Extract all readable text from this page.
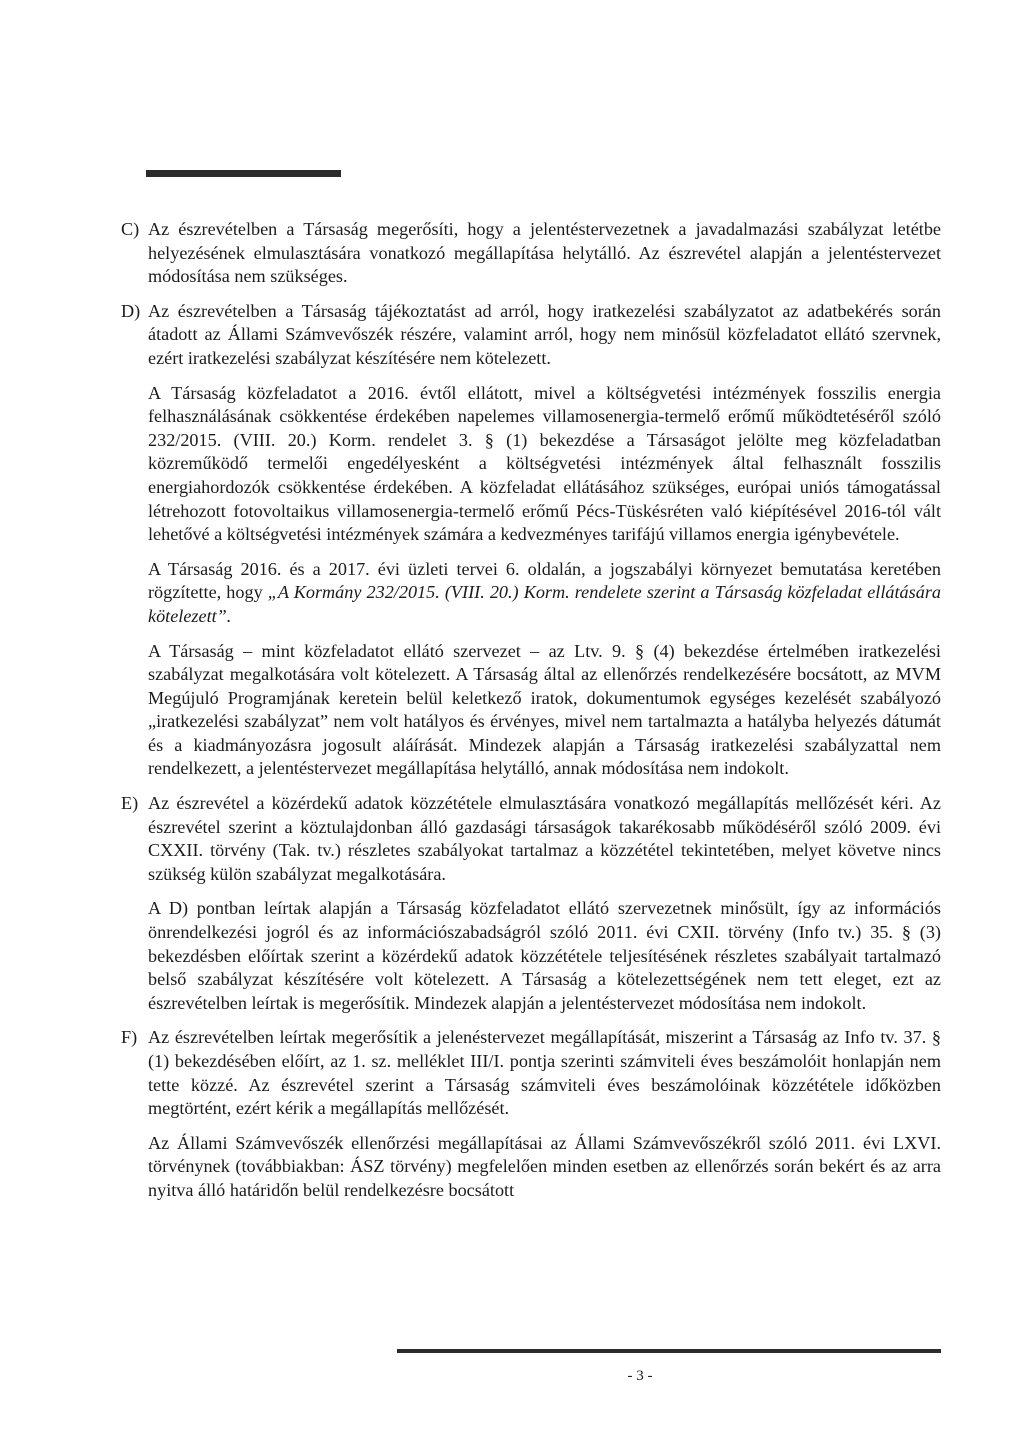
C) Az észrevételben a Társaság megerősíti, hogy a jelentéstervezetnek a javadalmazási szabályzat letétbe helyezésének elmulasztására vonatkozó megállapítása helytálló. Az észrevétel alapján a jelentéstervezet módosítása nem szükséges.

D) Az észrevételben a Társaság tájékoztatást ad arról, hogy iratkezelési szabályzatot az adatbekérés során átadott az Állami Számvevőszék részére, valamint arról, hogy nem minősül közfeladatot ellátó szervnek, ezért iratkezelési szabályzat készítésére nem kötelezett.

A Társaság közfeladatot a 2016. évtől ellátott, mivel a költségvetési intézmények fosszilis energia felhasználásának csökkentése érdekében napelemes villamosenergia-termelő erőmű működtetéséről szóló 232/2015. (VIII. 20.) Korm. rendelet 3. § (1) bekezdése a Társaságot jelölte meg közfeladatban közreműködő termelői engedélyesként a költségvetési intézmények által felhasznált fosszilis energiahordozók csökkentése érdekében. A közfeladat ellátásához szükséges, európai uniós támogatással létrehozott fotovoltaikus villamosenergia-termelő erőmű Pécs-Tüskésréten való kiépítésével 2016-tól vált lehetővé a költségvetési intézmények számára a kedvezményes tarifájú villamos energia igénybevétele.

A Társaság 2016. és a 2017. évi üzleti tervei 6. oldalán, a jogszabályi környezet bemutatása keretében rögzítette, hogy „A Kormány 232/2015. (VIII. 20.) Korm. rendelete szerint a Társaság közfeladat ellátására kötelezett”.

A Társaság – mint közfeladatot ellátó szervezet – az Ltv. 9. § (4) bekezdése értelmében iratkezelési szabályzat megalkotására volt kötelezett. A Társaság által az ellenőrzés rendelkezésére bocsátott, az MVM Megújuló Programjának keretein belül keletkező iratok, dokumentumok egységes kezelését szabályozó „iratkezelési szabályzat” nem volt hatályos és érvényes, mivel nem tartalmazta a hatályba helyezés dátumát és a kiadmányozásra jogosult aláírását. Mindezek alapján a Társaság iratkezelési szabályzattal nem rendelkezett, a jelentéstervezet megállapítása helytálló, annak módosítása nem indokolt.

E) Az észrevétel a közérdekű adatok közzététele elmulasztására vonatkozó megállapítás mellőzését kéri. Az észrevétel szerint a köztulajdonban álló gazdasági társaságok takarékosabb működéséről szóló 2009. évi CXXII. törvény (Tak. tv.) részletes szabályokat tartalmaz a közzététel tekintetében, melyet követve nincs szükség külön szabályzat megalkotására.

A D) pontban leírtak alapján a Társaság közfeladatot ellátó szervezetnek minősült, így az információs önrendelkezési jogról és az információszabadságról szóló 2011. évi CXII. törvény (Info tv.) 35. § (3) bekezdésben előírtak szerint a közérdekű adatok közzététele teljesítésének részletes szabályait tartalmazó belső szabályzat készítésére volt kötelezett. A Társaság a kötelezettségének nem tett eleget, ezt az észrevételben leírtak is megerősítik. Mindezek alapján a jelentéstervezet módosítása nem indokolt.

F) Az észrevételben leírtak megerősítik a jelenéstervezet megállapítását, miszerint a Társaság az Info tv. 37. § (1) bekezdésében előírt, az 1. sz. melléklet III/I. pontja szerinti számviteli éves beszámolóit honlapján nem tette közzé. Az észrevétel szerint a Társaság számviteli éves beszámolóinak közzététele időközben megtörtént, ezért kérik a megállapítás mellőzését.

Az Állami Számvevőszék ellenőrzési megállapításai az Állami Számvevőszékről szóló 2011. évi LXVI. törvénynek (továbbiakban: ÁSZ törvény) megfelelően minden esetben az ellenőrzés során bekért és az arra nyitva álló határidőn belül rendelkezésre bocsátott

- 3 -
